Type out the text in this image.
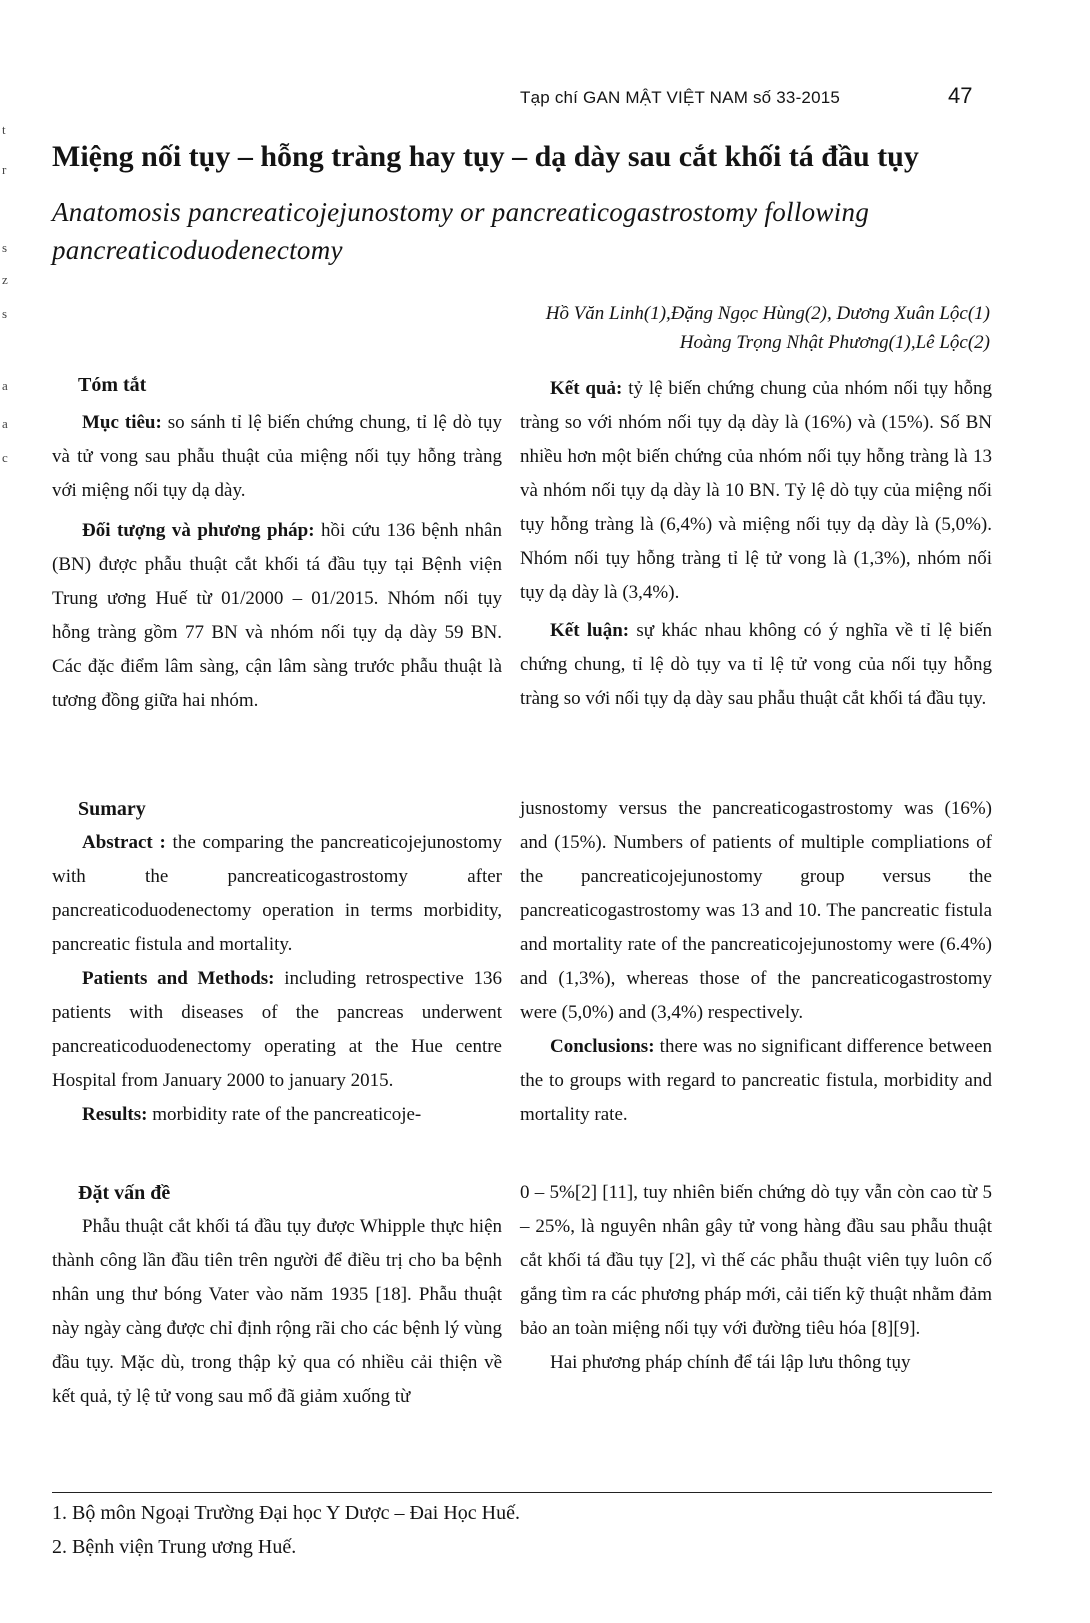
t
r
s
z
s
a
a
c
Tạp chí GAN MẬT VIỆT NAM số 33-2015	47
Miệng nối tụy – hỗng tràng hay tụy – dạ dày sau cắt khối tá đầu tụy
Anatomosis pancreaticojejunostomy or pancreaticogastrostomy following pancreaticoduodenectomy
Hồ Văn Linh(1),Đặng Ngọc Hùng(2), Dương Xuân Lộc(1)
Hoàng Trọng Nhật Phương(1),Lê Lộc(2)

Tóm tắt

Mục tiêu: so sánh tỉ lệ biến chứng chung, tỉ lệ dò tụy và tử vong sau phẫu thuật của miệng nối tụy hỗng tràng với miệng nối tụy dạ dày.

Đối tượng và phương pháp: hồi cứu 136 bệnh nhân (BN) được phẫu thuật cắt khối tá đầu tụy tại Bệnh viện Trung ương Huế từ 01/2000 – 01/2015. Nhóm nối tụy hỗng tràng gồm 77 BN và nhóm nối tụy dạ dày 59 BN. Các đặc điểm lâm sàng, cận lâm sàng trước phẫu thuật là tương đồng giữa hai nhóm.

Kết quả: tỷ lệ biến chứng chung của nhóm nối tụy hỗng tràng so với nhóm nối tụy dạ dày là (16%) và (15%). Số BN nhiều hơn một biến chứng của nhóm nối tụy hỗng tràng là 13 và nhóm nối tụy dạ dày là 10 BN. Tỷ lệ dò tụy của miệng nối tụy hỗng tràng là (6,4%) và miệng nối tụy dạ dày là (5,0%). Nhóm nối tụy hỗng tràng tỉ lệ tử vong là (1,3%), nhóm nối tụy dạ dày là (3,4%).

Kết luận: sự khác nhau không có ý nghĩa về tỉ lệ biến chứng chung, tỉ lệ dò tụy va tỉ lệ tử vong của nối tụy hỗng tràng so với nối tụy dạ dày sau phẫu thuật cắt khối tá đầu tụy.

Sumary

Abstract : the comparing the pancreaticojejunostomy with the pancreaticogastrostomy after pancreaticoduodenectomy operation in terms morbidity, pancreatic fistula and mortality.

Patients and Methods: including retrospective 136 patients with diseases of the pancreas underwent pancreaticoduodenectomy operating at the Hue centre Hospital from January 2000 to january 2015.

Results: morbidity rate of the pancreaticoje-

jusnostomy versus the pancreaticogastrostomy was (16%) and (15%). Numbers of patients of multiple compliations of the pancreaticojejunostomy group versus the pancreaticogastrostomy was 13 and 10. The pancreatic fistula and mortality rate of the pancreaticojejunostomy were (6.4%) and (1,3%), whereas those of the pancreaticogastrostomy were (5,0%) and (3,4%) respectively.

Conclusions: there was no significant difference between the to groups with regard to pancreatic fistula, morbidity and mortality rate.

Đặt vấn đề

Phẫu thuật cắt khối tá đầu tụy được Whipple thực hiện thành công lần đầu tiên trên người để điều trị cho ba bệnh nhân ung thư bóng Vater vào năm 1935 [18]. Phẫu thuật này ngày càng được chỉ định rộng rãi cho các bệnh lý vùng đầu tụy. Mặc dù, trong thập kỷ qua có nhiều cải thiện về kết quả, tỷ lệ tử vong sau mổ đã giảm xuống từ

0 – 5%[2] [11], tuy nhiên biến chứng dò tụy vẫn còn cao từ 5 – 25%, là nguyên nhân gây tử vong hàng đầu sau phẫu thuật cắt khối tá đầu tụy [2], vì thế các phẫu thuật viên tụy luôn cố gắng tìm ra các phương pháp mới, cải tiến kỹ thuật nhằm đảm bảo an toàn miệng nối tụy với đường tiêu hóa [8][9].

Hai phương pháp chính để tái lập lưu thông tụy

1. Bộ môn Ngoại Trường Đại học Y Dược – Đai Học Huế.
2. Bệnh viện Trung ương Huế.
